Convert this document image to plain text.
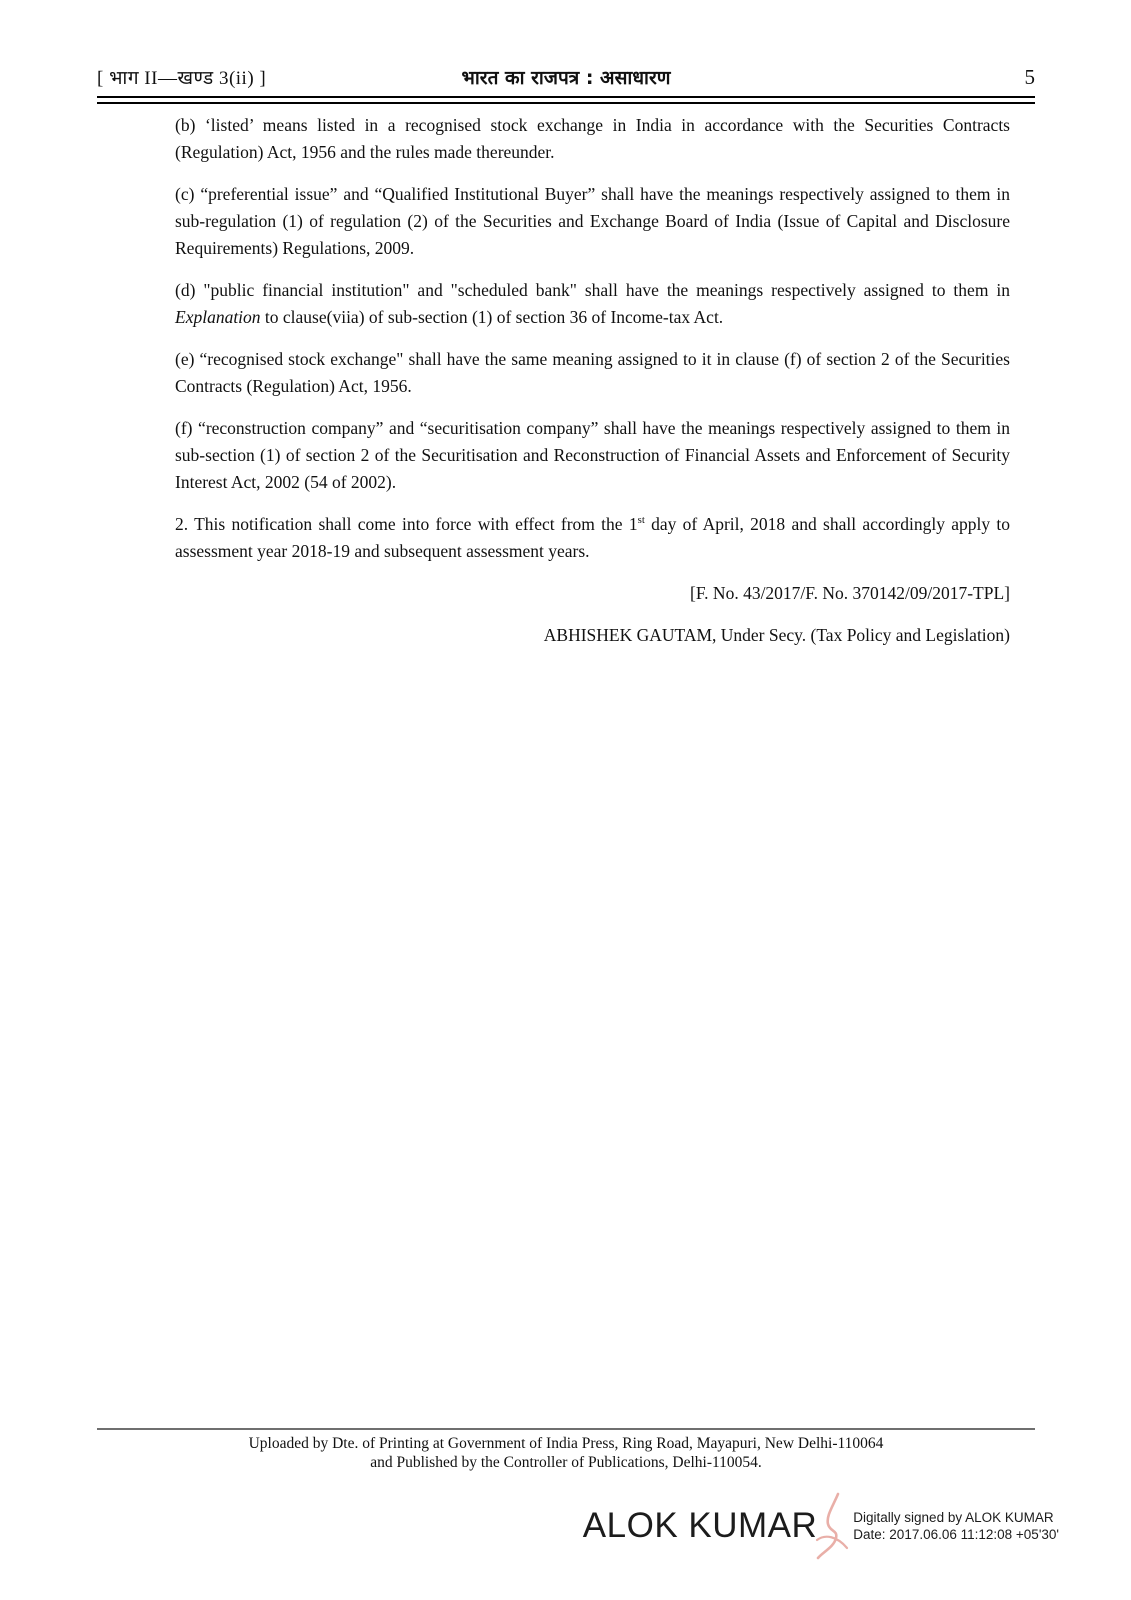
भारत का राजपत्र : असाधारण
[ भाग II—खण्ड 3(ii) ]	5

(b) ‘listed’ means listed in a recognised stock exchange in India in accordance with the Securities Contracts (Regulation) Act, 1956 and the rules made thereunder.

(c) “preferential issue” and “Qualified Institutional Buyer” shall have the meanings respectively assigned to them in sub-regulation (1) of regulation (2) of the Securities and Exchange Board of India (Issue of Capital and Disclosure Requirements) Regulations, 2009.

(d) "public financial institution" and "scheduled bank" shall have the meanings respectively assigned to them in Explanation to clause(viia) of sub-section (1) of section 36 of Income-tax Act.

(e) “recognised stock exchange" shall have the same meaning assigned to it in clause (f) of section 2 of the Securities Contracts (Regulation) Act, 1956.

(f) “reconstruction company” and “securitisation company” shall have the meanings respectively assigned to them in sub-section (1) of section 2 of the Securitisation and Reconstruction of Financial Assets and Enforcement of Security Interest Act, 2002 (54 of 2002).

2. This notification shall come into force with effect from the 1st day of April, 2018 and shall accordingly apply to assessment year 2018-19 and subsequent assessment years.

[F. No. 43/2017/F. No. 370142/09/2017-TPL]

ABHISHEK GAUTAM, Under Secy. (Tax Policy and Legislation)

Uploaded by Dte. of Printing at Government of India Press, Ring Road, Mayapuri, New Delhi-110064
and Published by the Controller of Publications, Delhi-110054.
ALOK KUMAR	Digitally signed by ALOK KUMAR
Date: 2017.06.06 11:12:08 +05'30'
